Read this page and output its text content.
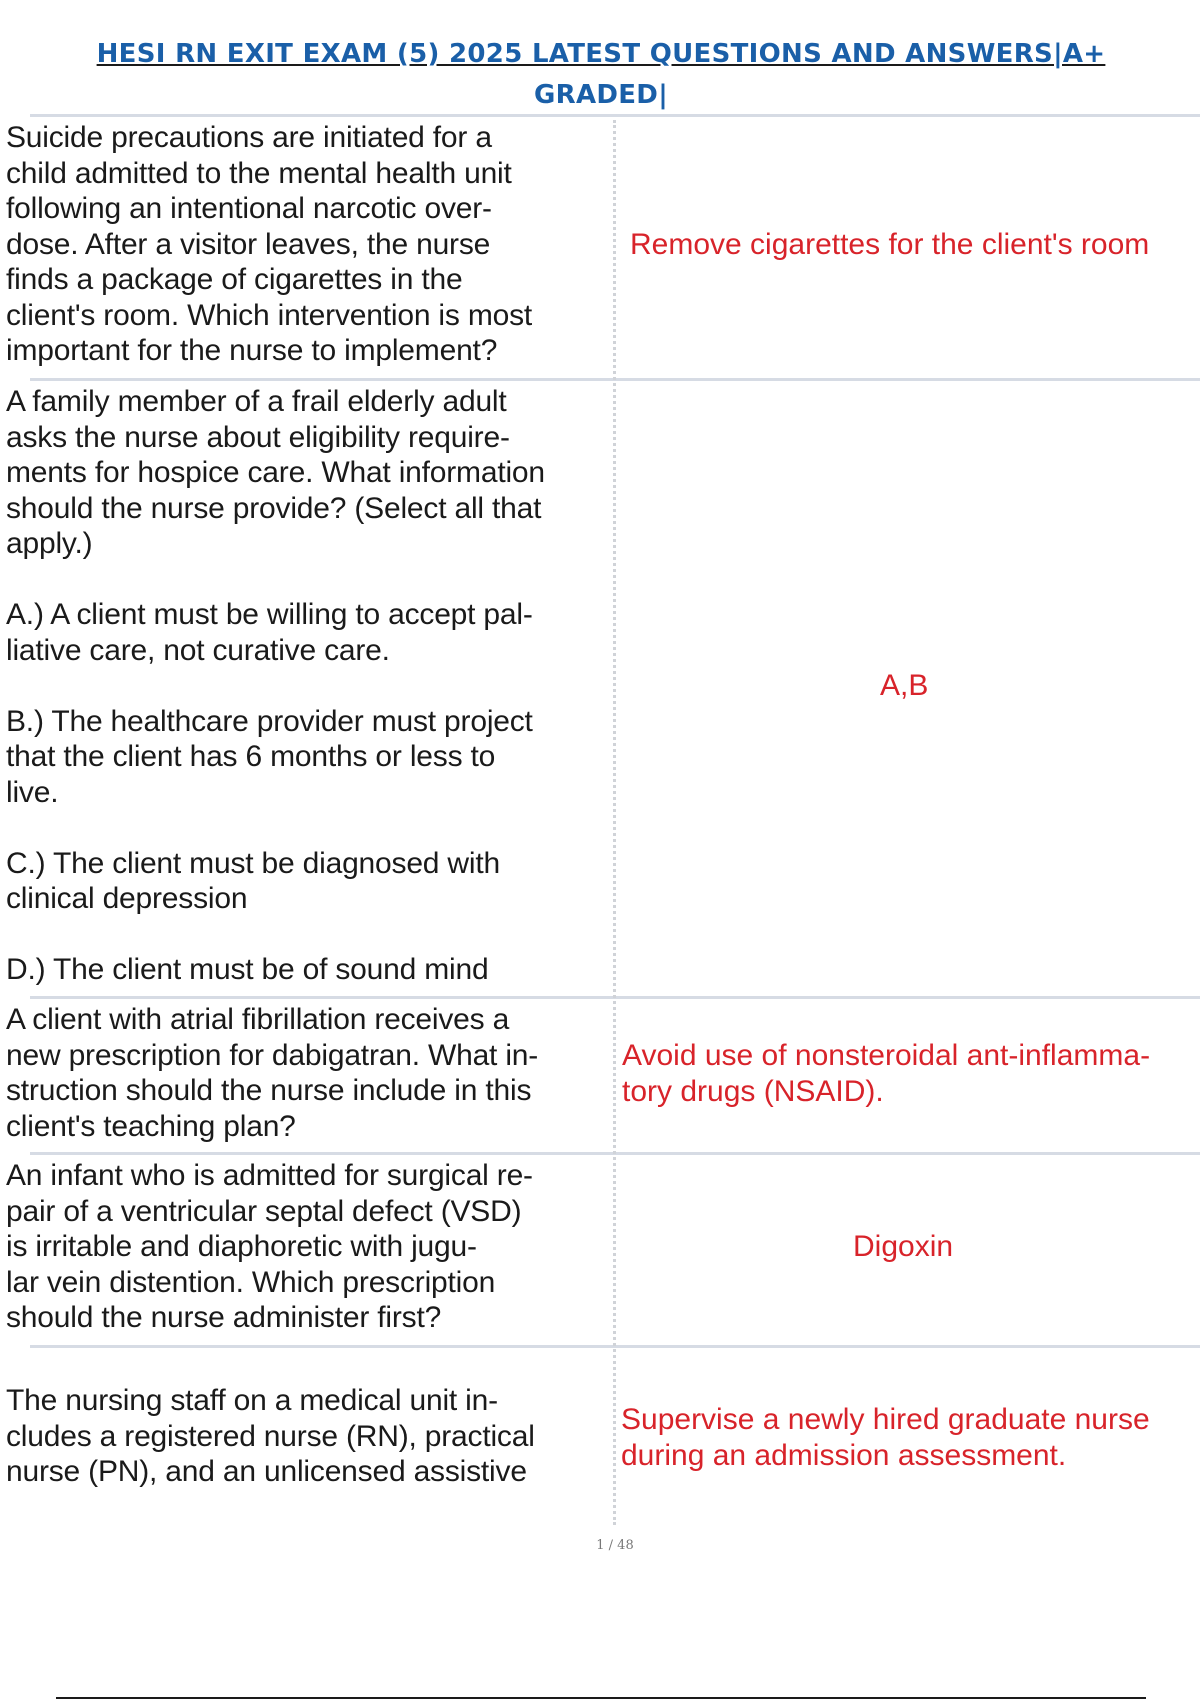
HESI RN EXIT EXAM (5) 2025 LATEST QUESTIONS AND ANSWERS|A+
GRADED|
Suicide precautions are initiated for a
child admitted to the mental health unit
following an intentional narcotic over-
dose. After a visitor leaves, the nurse
finds a package of cigarettes in the
client's room. Which intervention is most
important for the nurse to implement?
Remove cigarettes for the client's room
A family member of a frail elderly adult
asks the nurse about eligibility require-
ments for hospice care. What information
should the nurse provide? (Select all that
apply.)

A.) A client must be willing to accept pal-
liative care, not curative care.

B.) The healthcare provider must project
that the client has 6 months or less to
live.

C.) The client must be diagnosed with
clinical depression

D.) The client must be of sound mind
A,B
A client with atrial fibrillation receives a
new prescription for dabigatran. What in-
struction should the nurse include in this
client's teaching plan?
Avoid use of nonsteroidal ant-inflamma-
tory drugs (NSAID).
An infant who is admitted for surgical re-
pair of a ventricular septal defect (VSD)
is irritable and diaphoretic with jugu-
lar vein distention. Which prescription
should the nurse administer first?
Digoxin
The nursing staff on a medical unit in-
cludes a registered nurse (RN), practical
nurse (PN), and an unlicensed assistive
Supervise a newly hired graduate nurse
during an admission assessment.
1 / 48
